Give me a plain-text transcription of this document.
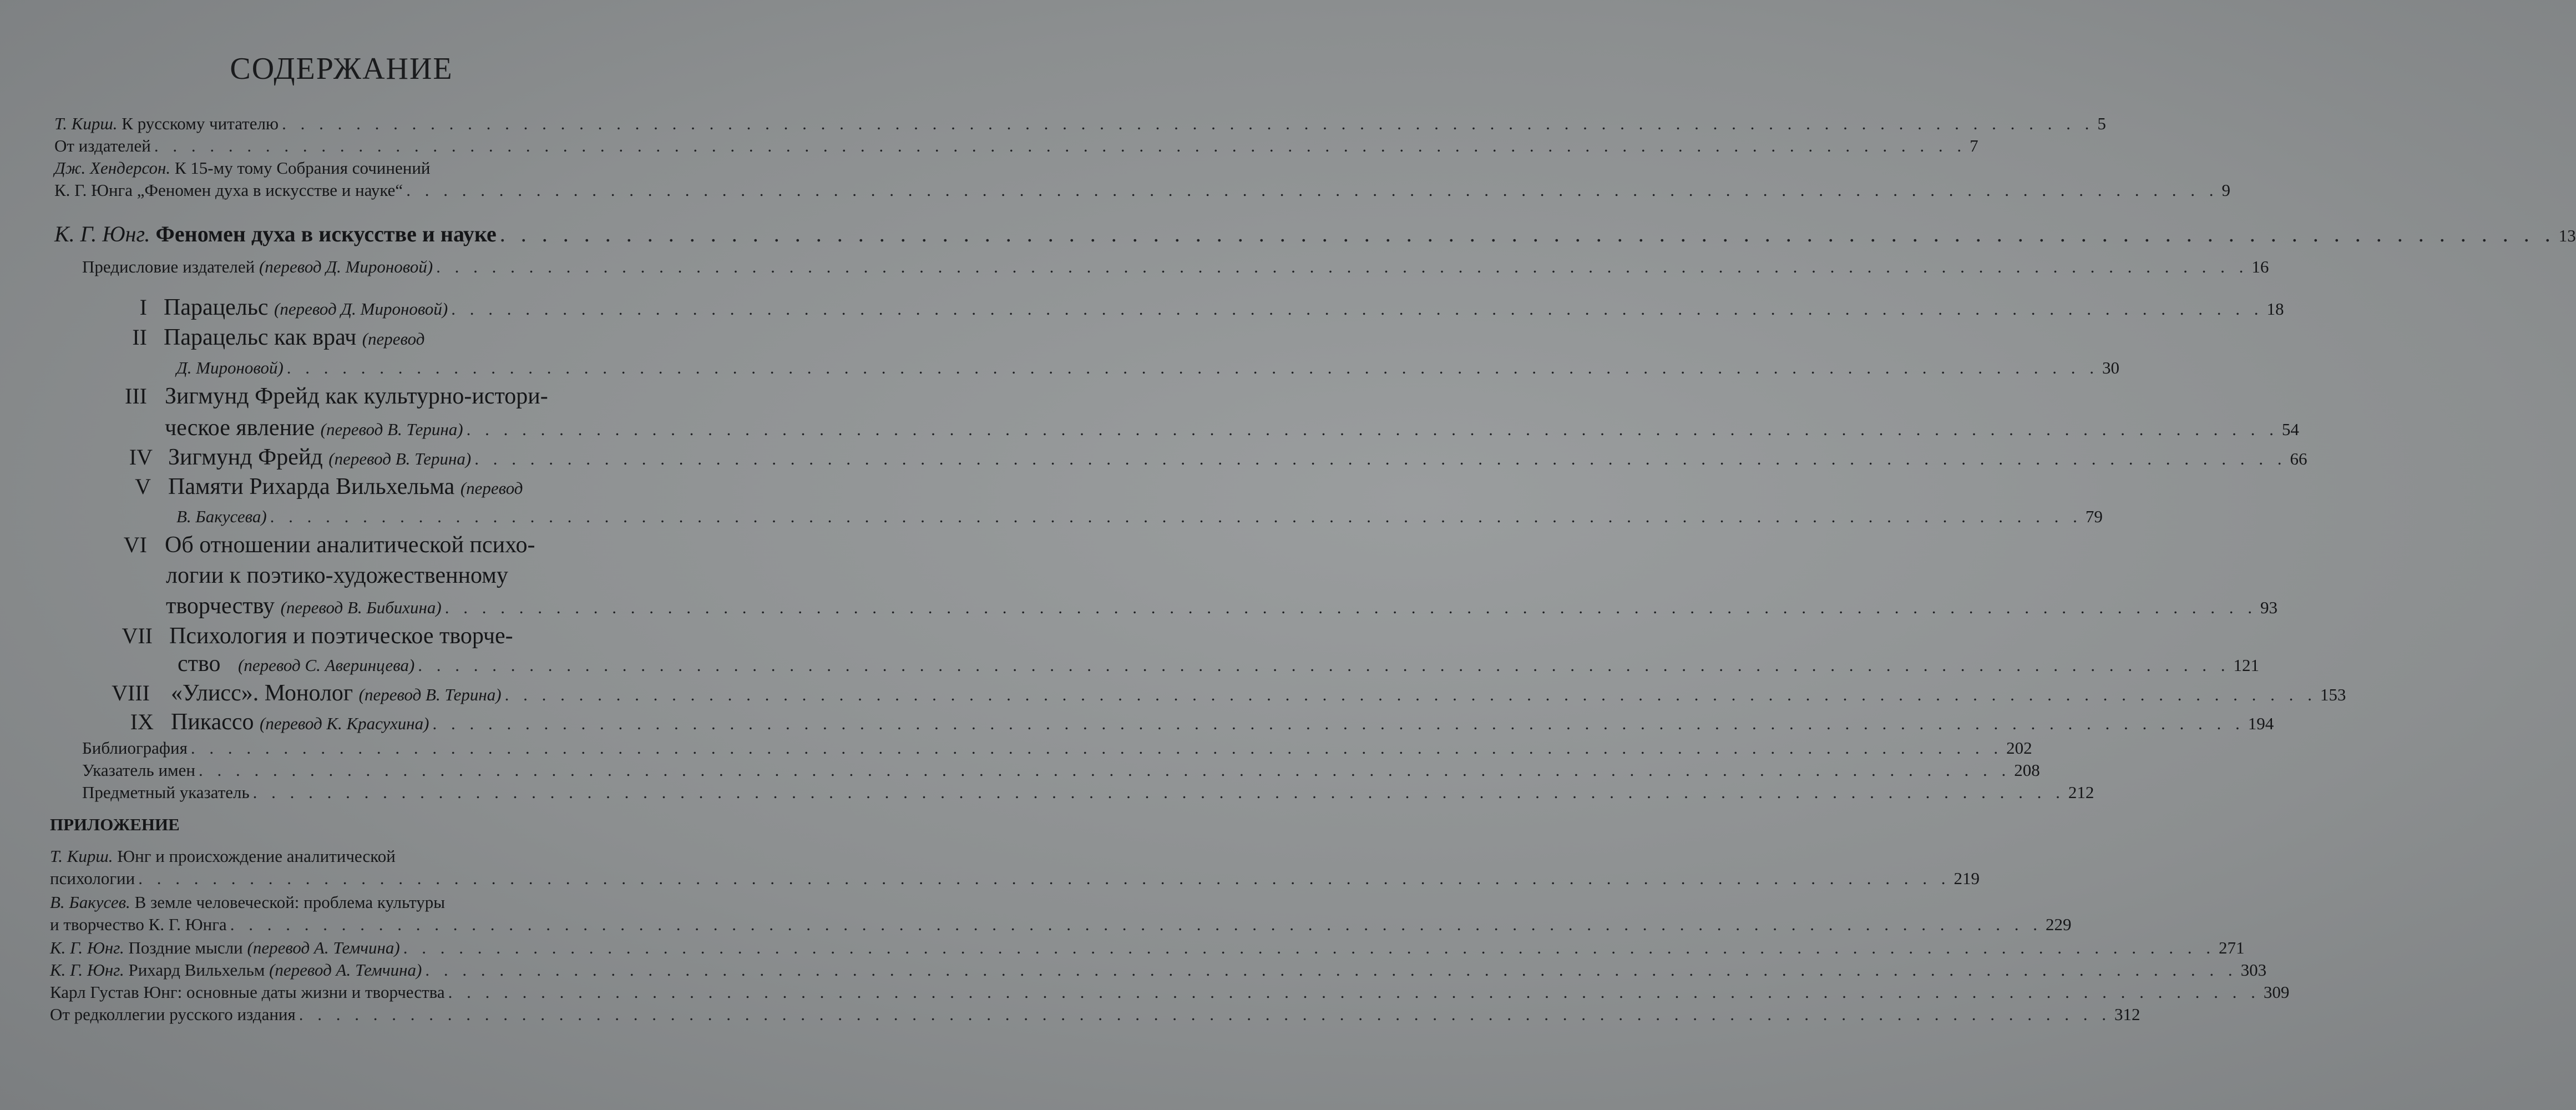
СОДЕРЖАНИЕ
Т. Кирш. К русскому читателю . . .	5
От издателей . . .	7
Дж. Хендерсон. К 15-му тому Собрания сочинений
К. Г. Юнга „Феномен духа в искусстве и науке“ . . .	9
К. Г. Юнг. Феномен духа в искусстве и науке . . .	13
Предисловие издателей (перевод Д. Мироновой) . . .	16
I Парацельс (перевод Д. Мироновой) . . .	18
II Парацельс как врач (перевод
Д. Мироновой) . . .	30
III Зигмунд Фрейд как культурно-истори-
ческое явление (перевод В. Терина) . . .	54
IV Зигмунд Фрейд (перевод В. Терина) . . .	66
V Памяти Рихарда Вильхельма (перевод
В. Бакусева) . . .	79
VI Об отношении аналитической психо-
логии к поэтико-художественному
творчеству (перевод В. Бибихина) . . .	93
VII Психология и поэтическое творче-
ство (перевод С. Аверинцева) . . .	121
VIII «Улисс». Монолог (перевод В. Терина) . . .	153
IX Пикассо (перевод К. Красухина) . . .	194
Библиография . . .	202
Указатель имен . . .	208
Предметный указатель . . .	212
ПРИЛОЖЕНИЕ
Т. Кирш. Юнг и происхождение аналитической
психологии . . .	219
В. Бакусев. В земле человеческой: проблема культуры
и творчество К. Г. Юнга . . .	229
К. Г. Юнг. Поздние мысли (перевод А. Темчина) . . .	271
К. Г. Юнг. Рихард Вильхельм (перевод А. Темчина) . . .	303
Карл Густав Юнг: основные даты жизни и творчества . . .	309
От редколлегии русского издания . . .	312
